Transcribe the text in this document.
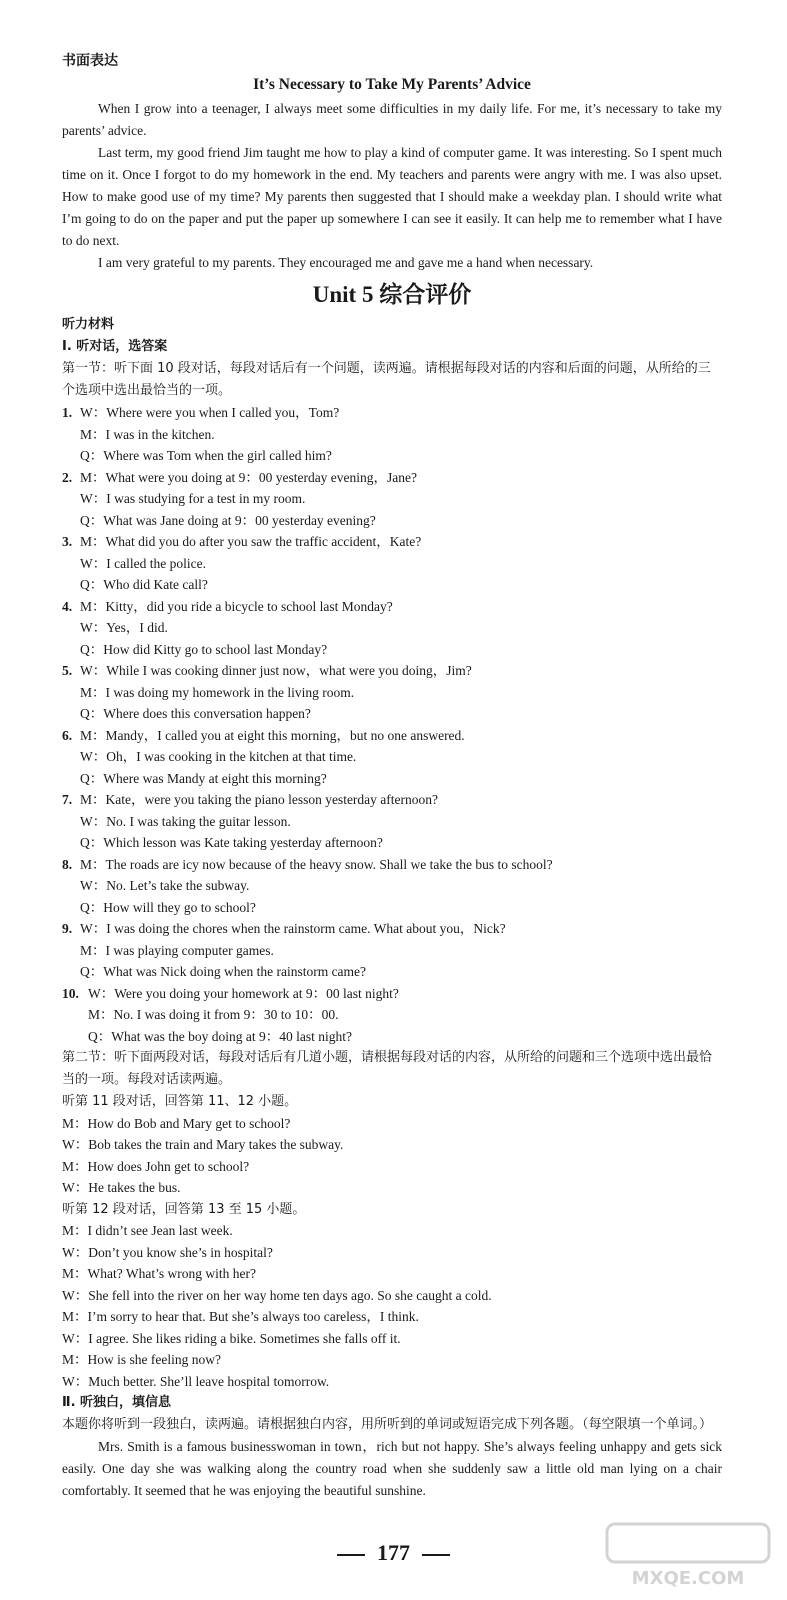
书面表达
It’s Necessary to Take My Parents’ Advice

When I grow into a teenager, I always meet some difficulties in my daily life. For me, it’s necessary to take my parents’ advice.

Last term, my good friend Jim taught me how to play a kind of computer game. It was interesting. So I spent much time on it. Once I forgot to do my homework in the end. My teachers and parents were angry with me. I was also upset. How to make good use of my time? My parents then suggested that I should make a weekday plan. I should write what I’m going to do on the paper and put the paper up somewhere I can see it easily. It can help me to remember what I have to do next.

I am very grateful to my parents. They encouraged me and gave me a hand when necessary.

Unit 5 综合评价
听力材料
Ⅰ. 听对话，选答案

第一节：听下面 10 段对话，每段对话后有一个问题，读两遍。请根据每段对话的内容和后面的问题，从所给的三个选项中选出最恰当的一项。

1. W：Where were you when I called you，Tom?
M：I was in the kitchen.
Q：Where was Tom when the girl called him?
2. M：What were you doing at 9：00 yesterday evening，Jane?
W：I was studying for a test in my room.
Q：What was Jane doing at 9：00 yesterday evening?
3. M：What did you do after you saw the traffic accident，Kate?
W：I called the police.
Q：Who did Kate call?
4. M：Kitty，did you ride a bicycle to school last Monday?
W：Yes，I did.
Q：How did Kitty go to school last Monday?
5. W：While I was cooking dinner just now，what were you doing，Jim?
M：I was doing my homework in the living room.
Q：Where does this conversation happen?
6. M：Mandy，I called you at eight this morning，but no one answered.
W：Oh，I was cooking in the kitchen at that time.
Q：Where was Mandy at eight this morning?
7. M：Kate，were you taking the piano lesson yesterday afternoon?
W：No. I was taking the guitar lesson.
Q：Which lesson was Kate taking yesterday afternoon?
8. M：The roads are icy now because of the heavy snow. Shall we take the bus to school?
W：No. Let’s take the subway.
Q：How will they go to school?
9. W：I was doing the chores when the rainstorm came. What about you，Nick?
M：I was playing computer games.
Q：What was Nick doing when the rainstorm came?
10. W：Were you doing your homework at 9：00 last night?
M：No. I was doing it from 9：30 to 10：00.
Q：What was the boy doing at 9：40 last night?

第二节：听下面两段对话，每段对话后有几道小题，请根据每段对话的内容，从所给的问题和三个选项中选出最恰当的一项。每段对话读两遍。

听第 11 段对话，回答第 11、12 小题。
M：How do Bob and Mary get to school?
W：Bob takes the train and Mary takes the subway.
M：How does John get to school?
W：He takes the bus.
听第 12 段对话，回答第 13 至 15 小题。
M：I didn’t see Jean last week.
W：Don’t you know she’s in hospital?
M：What? What’s wrong with her?
W：She fell into the river on her way home ten days ago. So she caught a cold.
M：I’m sorry to hear that. But she’s always too careless，I think.
W：I agree. She likes riding a bike. Sometimes she falls off it.
M：How is she feeling now?
W：Much better. She’ll leave hospital tomorrow.
Ⅱ. 听独白，填信息

本题你将听到一段独白，读两遍。请根据独白内容，用所听到的单词或短语完成下列各题。（每空限填一个单词。）

Mrs. Smith is a famous businesswoman in town，rich but not happy. She’s always feeling unhappy and gets sick easily. One day she was walking along the country road when she suddenly saw a little old man lying on a chair comfortably. It seemed that he was enjoying the beautiful sunshine.

177
MXQE.COM
